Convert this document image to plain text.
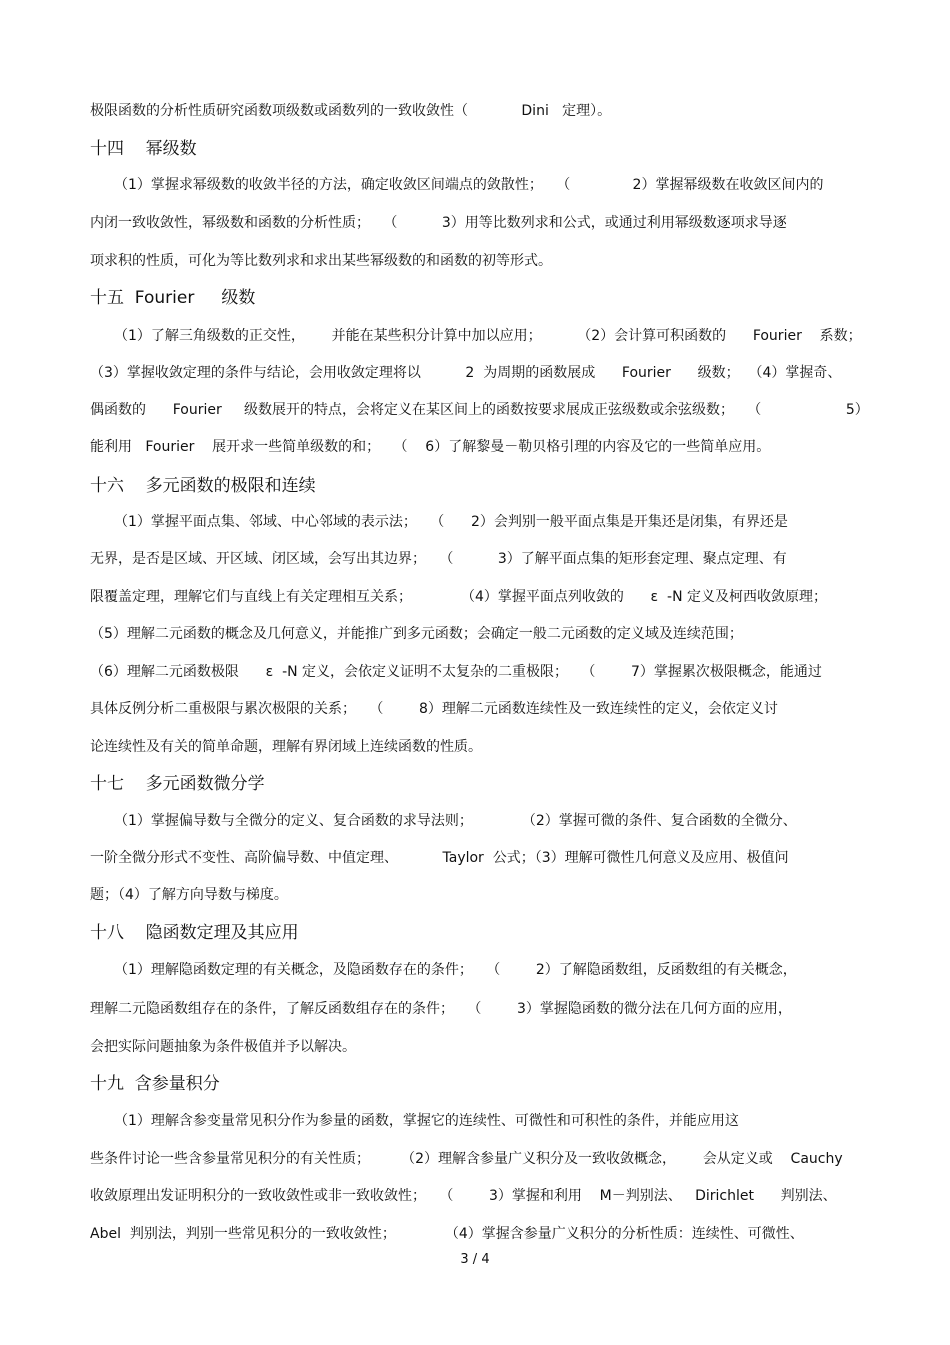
极限函数的分析性质研究函数项级数或函数列的一致收敛性（            Dini   定理）。
十四    幂级数
（1）掌握求幂级数的收敛半径的方法，确定收敛区间端点的敛散性；   （              2）掌握幂级数在收敛区间内的
内闭一致收敛性，幂级数和函数的分析性质；   （          3）用等比数列求和公式，或通过利用幂级数逐项求导逐
项求积的性质，可化为等比数列求和求出某些幂级数的和函数的初等形式。
十五  Fourier     级数
（1）了解三角级数的正交性，      并能在某些积分计算中加以应用；        （2）会计算可积函数的      Fourier    系数；
（3）掌握收敛定理的条件与结论，会用收敛定理将以          2  为周期的函数展成      Fourier      级数；  （4）掌握奇、
偶函数的      Fourier     级数展开的特点，会将定义在某区间上的函数按要求展成正弦级数或余弦级数；   （                   5）
能利用   Fourier    展开求一些简单级数的和；   （    6）了解黎曼－勒贝格引理的内容及它的一些简单应用。
十六    多元函数的极限和连续
（1）掌握平面点集、邻域、中心邻域的表示法；   （      2）会判别一般平面点集是开集还是闭集，有界还是
无界，是否是区域、开区域、闭区域，会写出其边界；   （          3）了解平面点集的矩形套定理、聚点定理、有
限覆盖定理，理解它们与直线上有关定理相互关系；           （4）掌握平面点列收敛的      ε  -N 定义及柯西收敛原理；
（5）理解二元函数的概念及几何意义，并能推广到多元函数；会确定一般二元函数的定义域及连续范围；
（6）理解二元函数极限      ε  -N 定义，会依定义证明不太复杂的二重极限；   （        7）掌握累次极限概念，能通过
具体反例分析二重极限与累次极限的关系；   （        8）理解二元函数连续性及一致连续性的定义，会依定义讨
论连续性及有关的简单命题，理解有界闭域上连续函数的性质。
十七    多元函数微分学
（1）掌握偏导数与全微分的定义、复合函数的求导法则；           （2）掌握可微的条件、复合函数的全微分、
一阶全微分形式不变性、高阶偏导数、中值定理、          Taylor  公式；（3）理解可微性几何意义及应用、极值问
题；（4）了解方向导数与梯度。
十八    隐函数定理及其应用
（1）理解隐函数定理的有关概念，及隐函数存在的条件；   （        2）了解隐函数组，反函数组的有关概念，
理解二元隐函数组存在的条件，了解反函数组存在的条件；   （        3）掌握隐函数的微分法在几何方面的应用，
会把实际问题抽象为条件极值并予以解决。
十九  含参量积分
（1）理解含参变量常见积分作为参量的函数，掌握它的连续性、可微性和可积性的条件，并能应用这
些条件讨论一些含参量常见积分的有关性质；       （2）理解含参量广义积分及一致收敛概念，      会从定义或    Cauchy
收敛原理出发证明积分的一致收敛性或非一致收敛性；   （        3）掌握和利用    M－判别法、   Dirichlet      判别法、
Abel  判别法，判别一些常见积分的一致收敛性；           （4）掌握含参量广义积分的分析性质：连续性、可微性、
3 / 4
